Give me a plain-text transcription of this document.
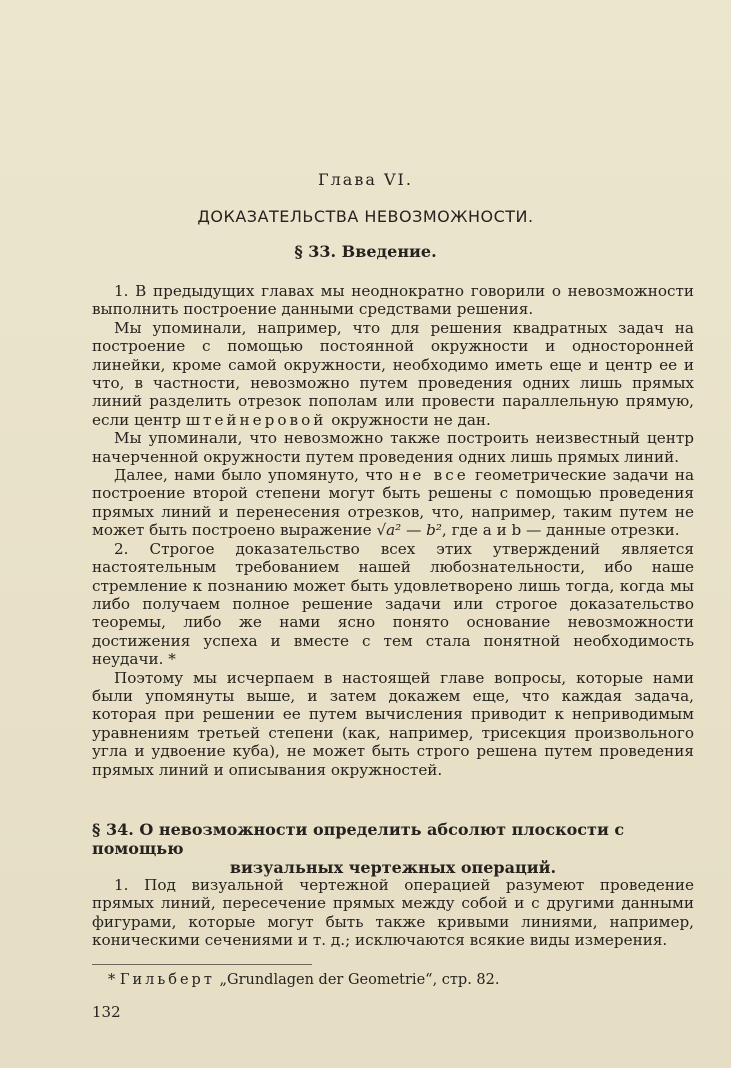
Глава VI.
ДОКАЗАТЕЛЬСТВА НЕВОЗМОЖНОСТИ.
§ 33. Введение.

1. В предыдущих главах мы неоднократно говорили о невозможности выполнить построение данными средствами решения.

Мы упоминали, например, что для решения квадратных задач на построение с помощью постоянной окружности и односторонней линейки, кроме самой окружности, необходимо иметь еще и центр ее и что, в частности, невозможно путем проведения одних лишь прямых линий разделить отрезок пополам или провести параллельную прямую, если центр штейнеровой окружности не дан.

Мы упоминали, что невозможно также построить неизвестный центр начерченной окружности путем проведения одних лишь прямых линий.

Далее, нами было упомянуто, что не все геометрические задачи на построение второй степени могут быть решены с помощью проведения прямых линий и перенесения отрезков, что, например, таким путем не может быть построено выражение √a² — b², где a и b — данные отрезки.

2. Строгое доказательство всех этих утверждений является настоятельным требованием нашей любознательности, ибо наше стремление к познанию может быть удовлетворено лишь тогда, когда мы либо получаем полное решение задачи или строгое доказательство теоремы, либо же нами ясно понято основание невозможности достижения успеха и вместе с тем стала понятной необходимость неудачи. *

Поэтому мы исчерпаем в настоящей главе вопросы, которые нами были упомянуты выше, и затем докажем еще, что каждая задача, которая при решении ее путем вычисления приводит к неприводимым уравнениям третьей степени (как, например, трисекция произвольного угла и удвоение куба), не может быть строго решена путем проведения прямых линий и описывания окружностей.

§ 34. О невозможности определить абсолют плоскости с помощью
визуальных чертежных операций.

1. Под визуальной чертежной операцией разумеют проведение прямых линий, пересечение прямых между собой и с другими данными фигурами, которые могут быть также кривыми линиями, например, коническими сечениями и т. д.; исключаются всякие виды измерения.

* Гильберт „Grundlagen der Geometrie“, стр. 82.
132
